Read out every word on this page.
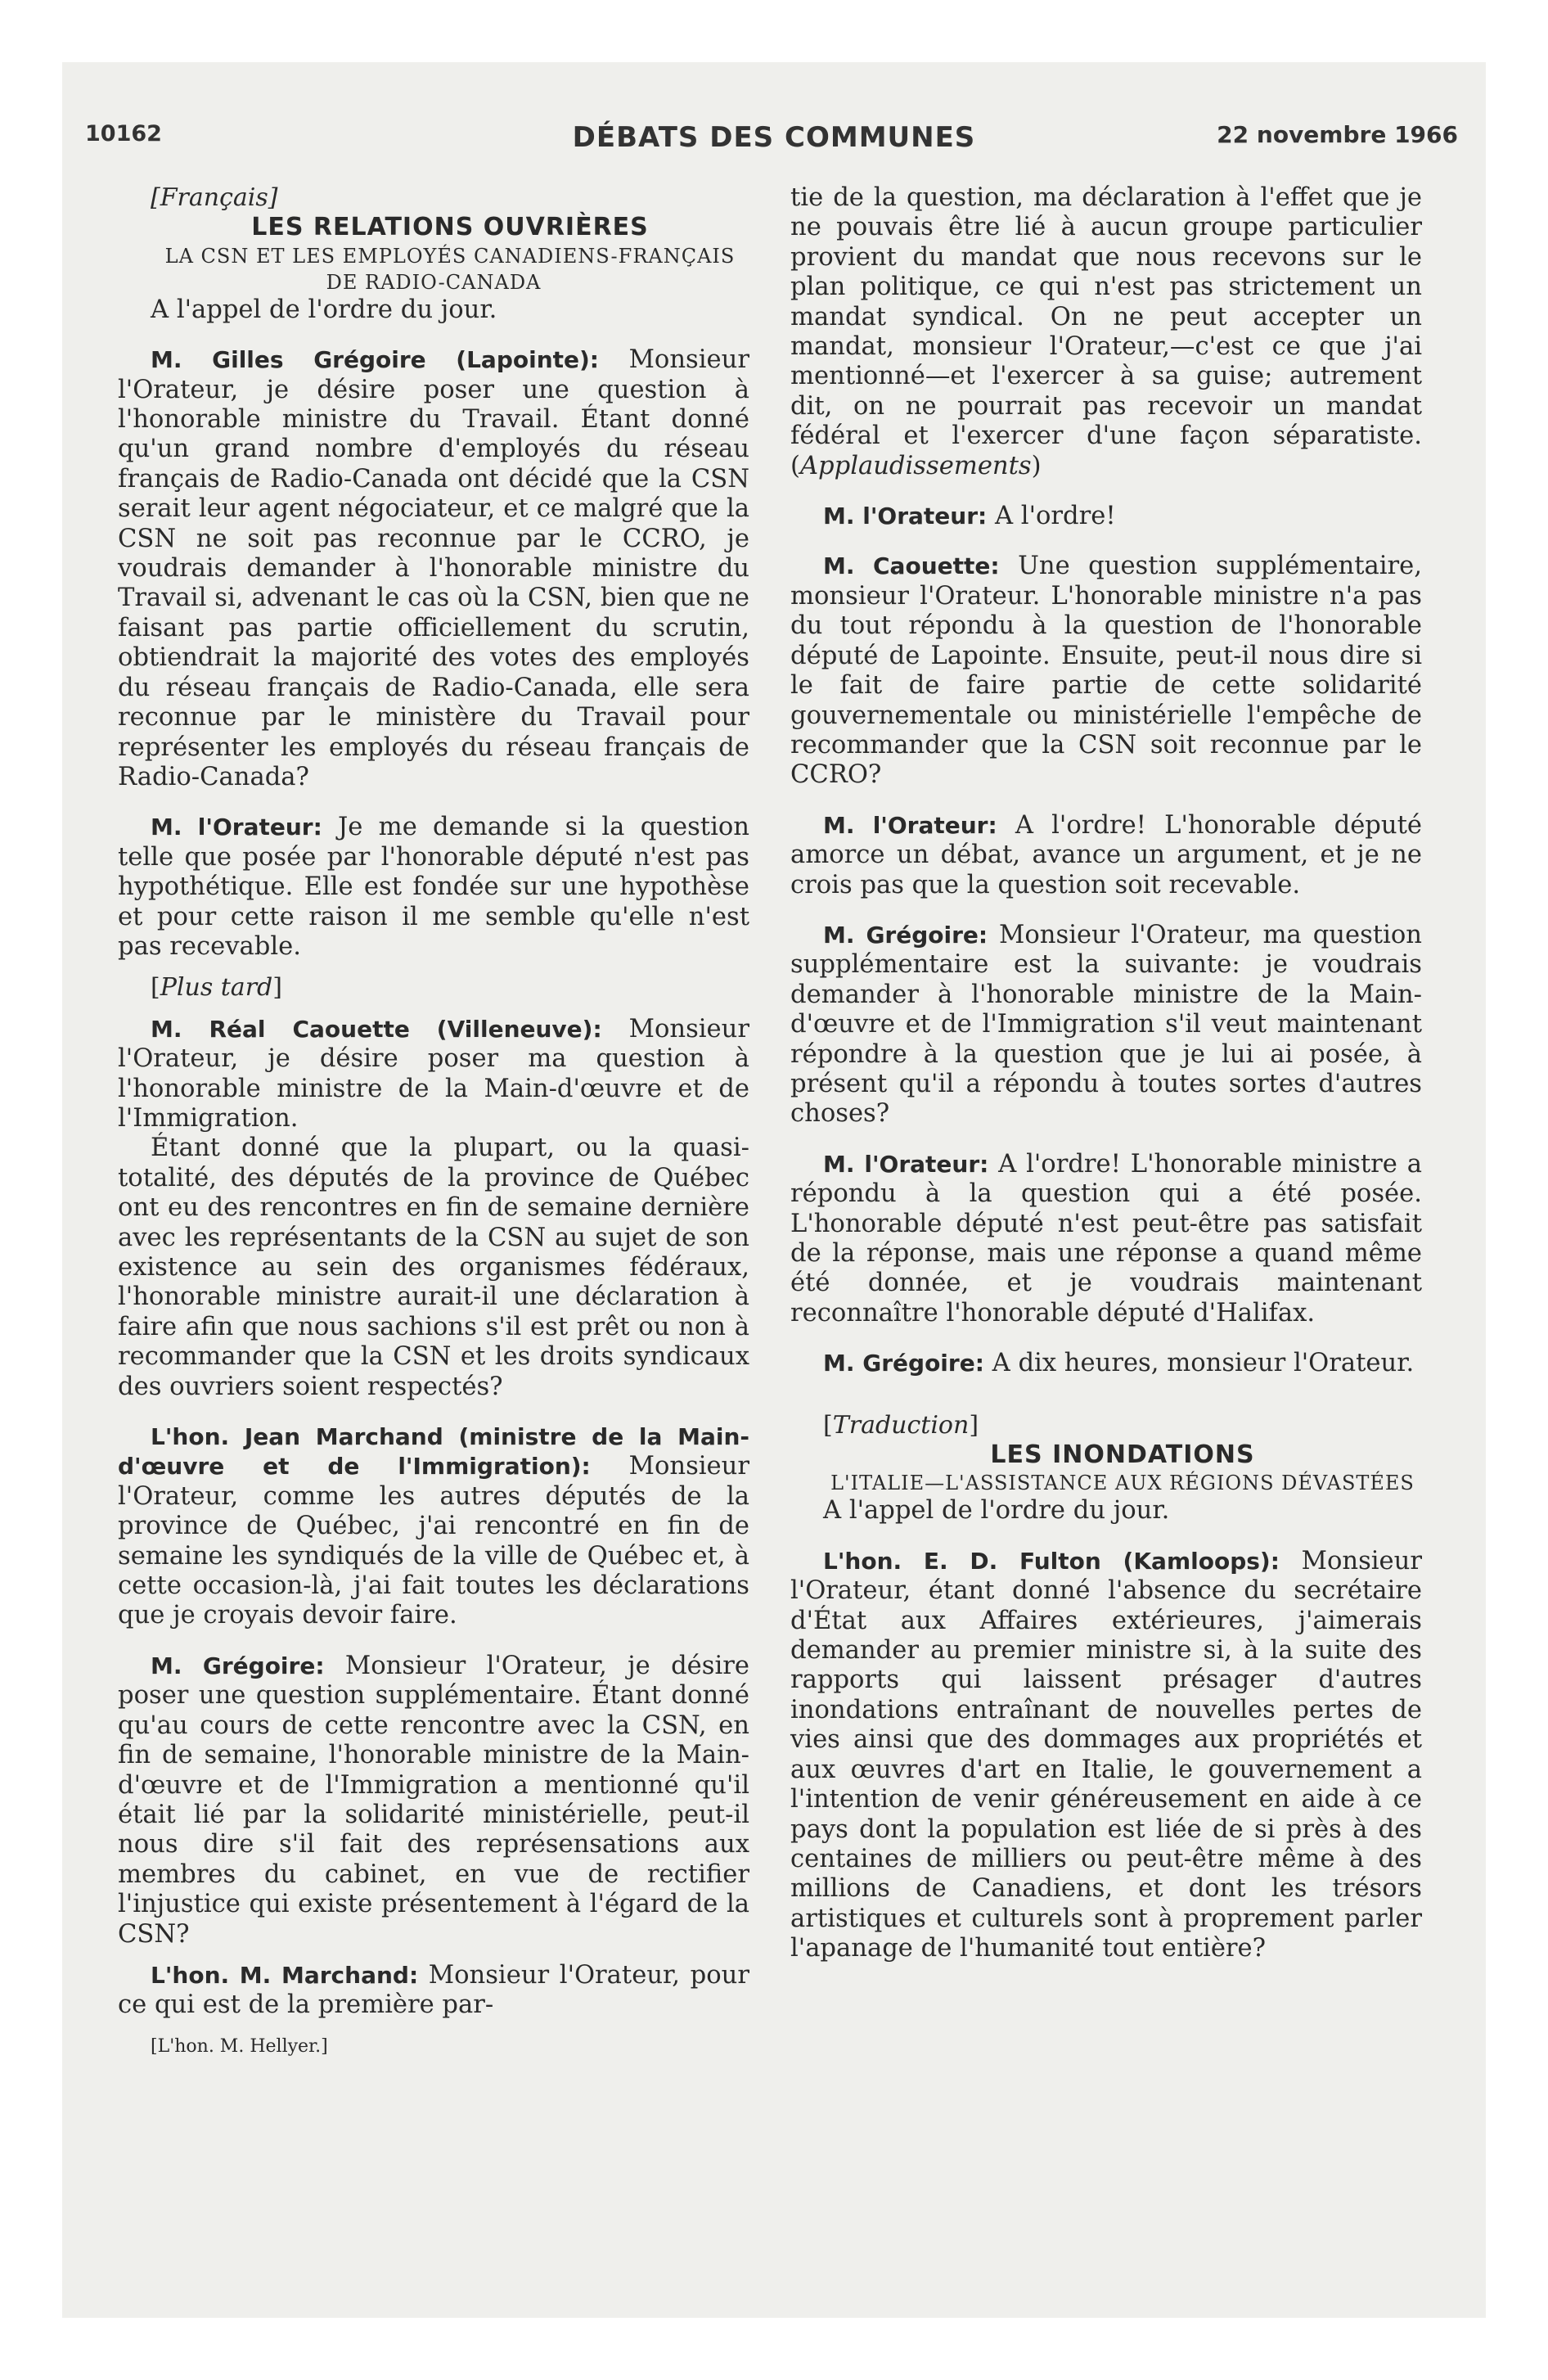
10162	DÉBATS DES COMMUNES	22 novembre 1966

[Français]

LES RELATIONS OUVRIÈRES

LA CSN ET LES EMPLOYÉS CANADIENS-FRANÇAIS DE RADIO-CANADA

A l'appel de l'ordre du jour.

M. Gilles Grégoire (Lapointe): Monsieur l'Orateur, je désire poser une question à l'honorable ministre du Travail. Étant donné qu'un grand nombre d'employés du réseau français de Radio-Canada ont décidé que la CSN serait leur agent négociateur, et ce malgré que la CSN ne soit pas reconnue par le CCRO, je voudrais demander à l'honorable ministre du Travail si, advenant le cas où la CSN, bien que ne faisant pas partie officiellement du scrutin, obtiendrait la majorité des votes des employés du réseau français de Radio-Canada, elle sera reconnue par le ministère du Travail pour représenter les employés du réseau français de Radio-Canada?

M. l'Orateur: Je me demande si la question telle que posée par l'honorable député n'est pas hypothétique. Elle est fondée sur une hypothèse et pour cette raison il me semble qu'elle n'est pas recevable.

[Plus tard]

M. Réal Caouette (Villeneuve): Monsieur l'Orateur, je désire poser ma question à l'honorable ministre de la Main-d'œuvre et de l'Immigration.

Étant donné que la plupart, ou la quasi-totalité, des députés de la province de Québec ont eu des rencontres en fin de semaine dernière avec les représentants de la CSN au sujet de son existence au sein des organismes fédéraux, l'honorable ministre aurait-il une déclaration à faire afin que nous sachions s'il est prêt ou non à recommander que la CSN et les droits syndicaux des ouvriers soient respectés?

L'hon. Jean Marchand (ministre de la Main-d'œuvre et de l'Immigration): Monsieur l'Orateur, comme les autres députés de la province de Québec, j'ai rencontré en fin de semaine les syndiqués de la ville de Québec et, à cette occasion-là, j'ai fait toutes les déclarations que je croyais devoir faire.

M. Grégoire: Monsieur l'Orateur, je désire poser une question supplémentaire. Étant donné qu'au cours de cette rencontre avec la CSN, en fin de semaine, l'honorable ministre de la Main-d'œuvre et de l'Immigration a mentionné qu'il était lié par la solidarité ministérielle, peut-il nous dire s'il fait des représensations aux membres du cabinet, en vue de rectifier l'injustice qui existe présentement à l'égard de la CSN?

L'hon. M. Marchand: Monsieur l'Orateur, pour ce qui est de la première par-

[L'hon. M. Hellyer.]

tie de la question, ma déclaration à l'effet que je ne pouvais être lié à aucun groupe particulier provient du mandat que nous recevons sur le plan politique, ce qui n'est pas strictement un mandat syndical. On ne peut accepter un mandat, monsieur l'Orateur,—c'est ce que j'ai mentionné—et l'exercer à sa guise; autrement dit, on ne pourrait pas recevoir un mandat fédéral et l'exercer d'une façon séparatiste. (Applaudissements)

M. l'Orateur: A l'ordre!

M. Caouette: Une question supplémentaire, monsieur l'Orateur. L'honorable ministre n'a pas du tout répondu à la question de l'honorable député de Lapointe. Ensuite, peut-il nous dire si le fait de faire partie de cette solidarité gouvernementale ou ministérielle l'empêche de recommander que la CSN soit reconnue par le CCRO?

M. l'Orateur: A l'ordre! L'honorable député amorce un débat, avance un argument, et je ne crois pas que la question soit recevable.

M. Grégoire: Monsieur l'Orateur, ma question supplémentaire est la suivante: je voudrais demander à l'honorable ministre de la Main-d'œuvre et de l'Immigration s'il veut maintenant répondre à la question que je lui ai posée, à présent qu'il a répondu à toutes sortes d'autres choses?

M. l'Orateur: A l'ordre! L'honorable ministre a répondu à la question qui a été posée. L'honorable député n'est peut-être pas satisfait de la réponse, mais une réponse a quand même été donnée, et je voudrais maintenant reconnaître l'honorable député d'Halifax.

M. Grégoire: A dix heures, monsieur l'Orateur.

[Traduction]

LES INONDATIONS

L'ITALIE—L'ASSISTANCE AUX RÉGIONS DÉVASTÉES

A l'appel de l'ordre du jour.

L'hon. E. D. Fulton (Kamloops): Monsieur l'Orateur, étant donné l'absence du secrétaire d'État aux Affaires extérieures, j'aimerais demander au premier ministre si, à la suite des rapports qui laissent présager d'autres inondations entraînant de nouvelles pertes de vies ainsi que des dommages aux propriétés et aux œuvres d'art en Italie, le gouvernement a l'intention de venir généreusement en aide à ce pays dont la population est liée de si près à des centaines de milliers ou peut-être même à des millions de Canadiens, et dont les trésors artistiques et culturels sont à proprement parler l'apanage de l'humanité tout entière?
